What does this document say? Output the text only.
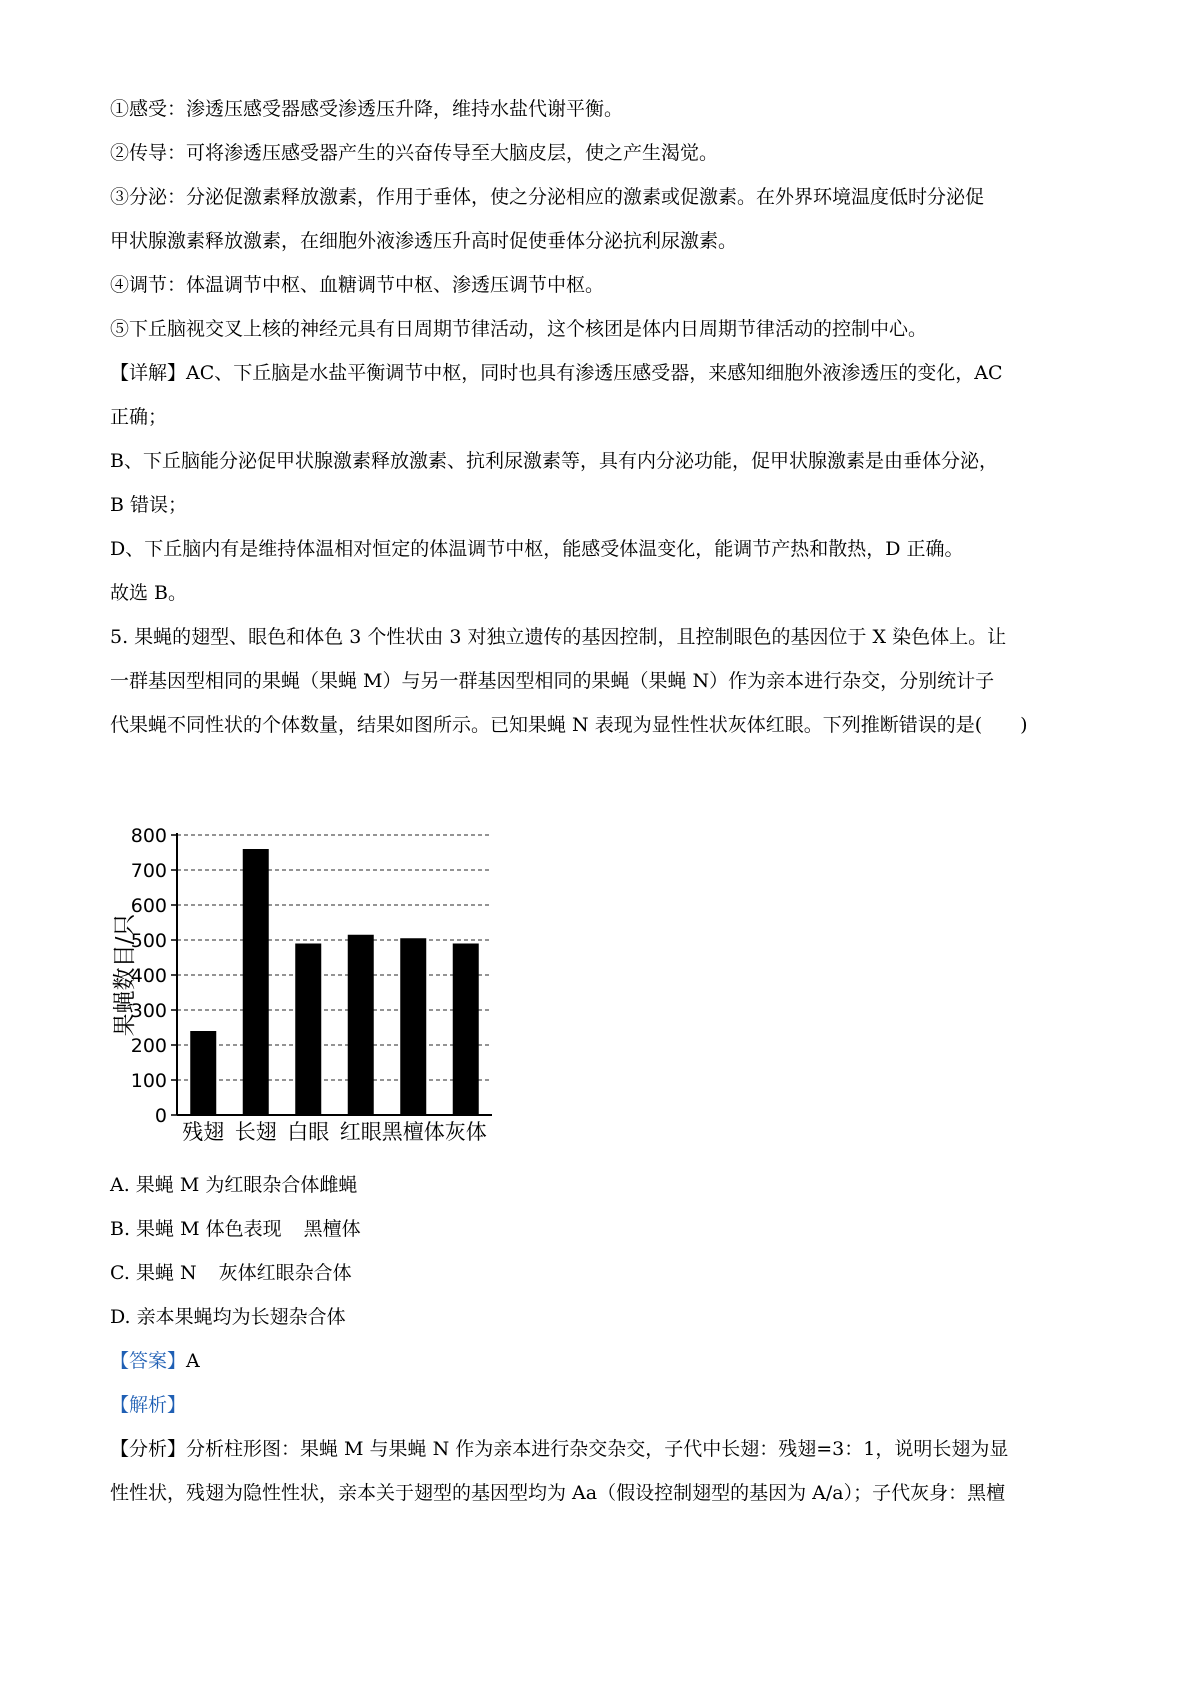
①感受：渗透压感受器感受渗透压升降，维持水盐代谢平衡。
②传导：可将渗透压感受器产生的兴奋传导至大脑皮层，使之产生渴觉。
③分泌：分泌促激素释放激素，作用于垂体，使之分泌相应的激素或促激素。在外界环境温度低时分泌促
甲状腺激素释放激素，在细胞外液渗透压升高时促使垂体分泌抗利尿激素。
④调节：体温调节中枢、血糖调节中枢、渗透压调节中枢。
⑤下丘脑视交叉上核的神经元具有日周期节律活动，这个核团是体内日周期节律活动的控制中心。
【详解】AC、下丘脑是水盐平衡调节中枢，同时也具有渗透压感受器，来感知细胞外液渗透压的变化，AC
正确；
B、下丘脑能分泌促甲状腺激素释放激素、抗利尿激素等，具有内分泌功能，促甲状腺激素是由垂体分泌，
B 错误；
D、下丘脑内有是维持体温相对恒定的体温调节中枢，能感受体温变化，能调节产热和散热，D 正确。
故选 B。
5. 果蝇的翅型、眼色和体色 3 个性状由 3 对独立遗传的基因控制，且控制眼色的基因位于 X 染色体上。让
一群基因型相同的果蝇（果蝇 M）与另一群基因型相同的果蝇（果蝇 N）作为亲本进行杂交，分别统计子
代果蝇不同性状的个体数量，结果如图所示。已知果蝇 N 表现为显性性状灰体红眼。下列推断错误的是(　　)
0
100
200
300
400
500
600
700
800
残翅 长翅 白眼 红眼 黑檀体 灰体
果蝇数目/只
A. 果蝇 M 为红眼杂合体雌蝇
B. 果蝇 M 体色表现 黑檀体
C. 果蝇 N 灰体红眼杂合体
D. 亲本果蝇均为长翅杂合体
【答案】A
【解析】
【分析】分析柱形图：果蝇 M 与果蝇 N 作为亲本进行杂交杂交，子代中长翅：残翅=3：1，说明长翅为显
性性状，残翅为隐性性状，亲本关于翅型的基因型均为 Aa（假设控制翅型的基因为 A/a）；子代灰身：黑檀
